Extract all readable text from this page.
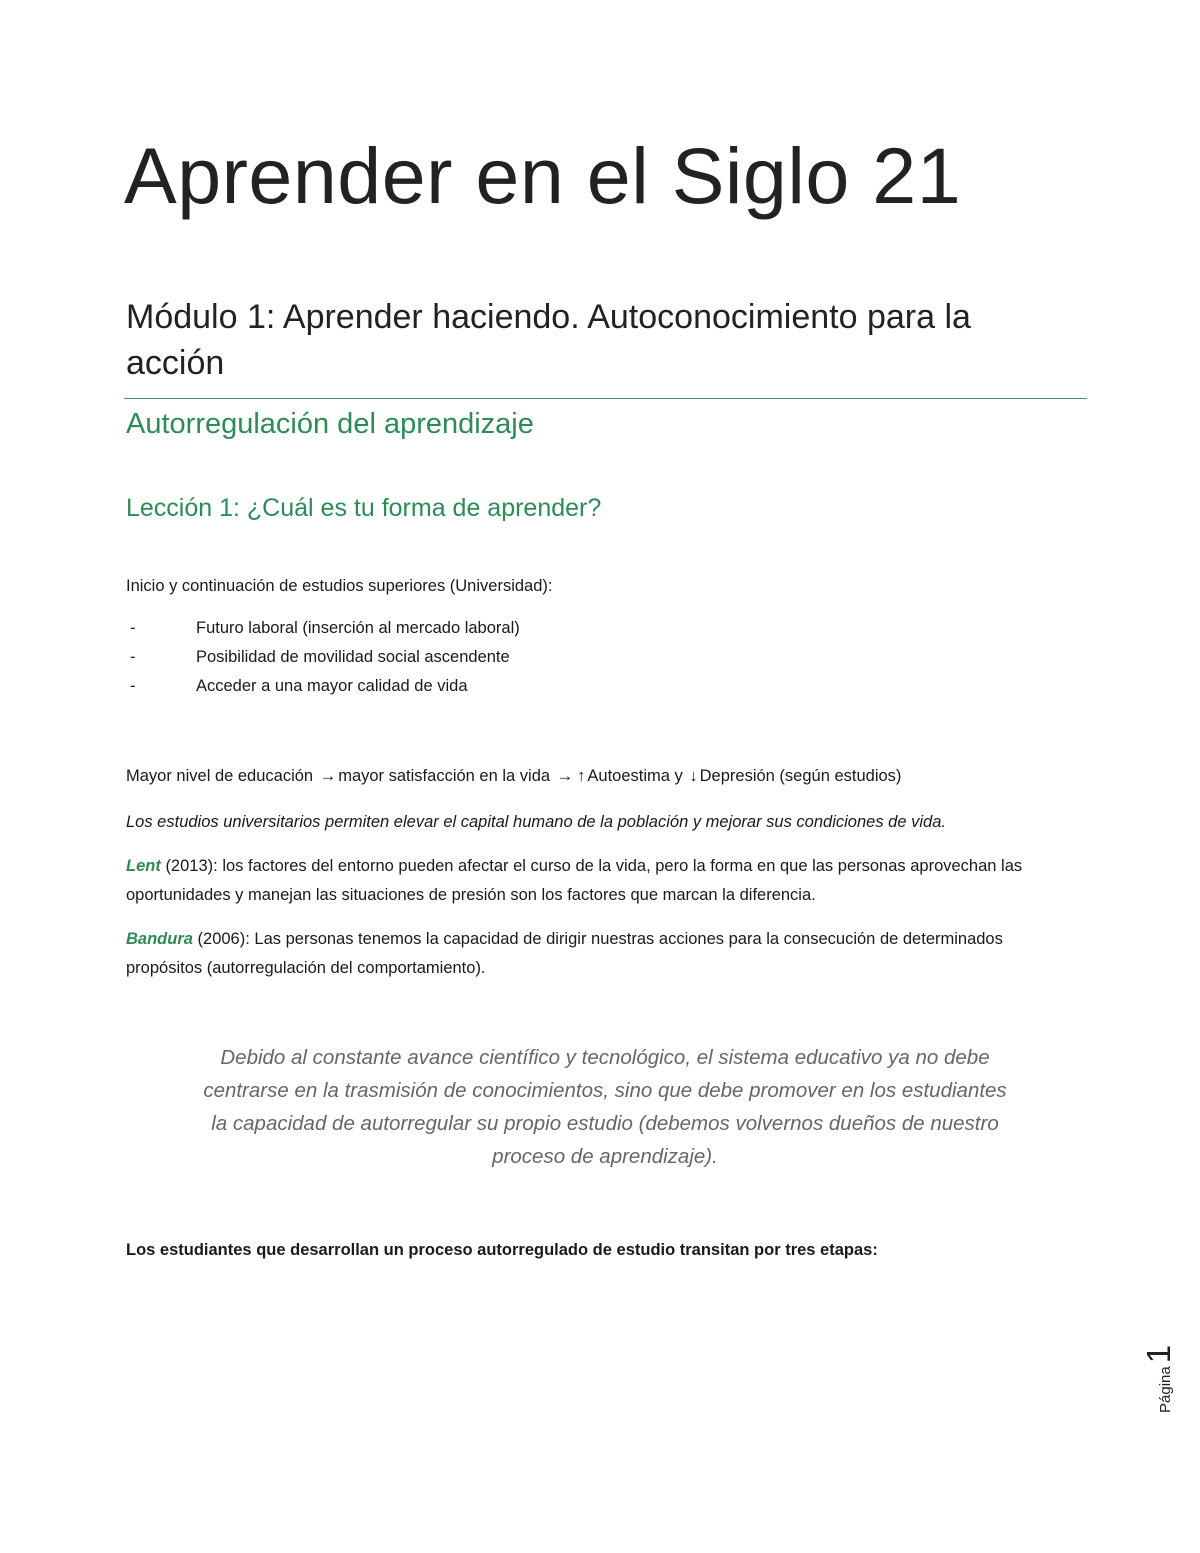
Aprender en el Siglo 21
Módulo 1: Aprender haciendo. Autoconocimiento para la acción
Autorregulación del aprendizaje
Lección 1: ¿Cuál es tu forma de aprender?
Inicio y continuación de estudios superiores (Universidad):
-	Futuro laboral (inserción al mercado laboral)
-	Posibilidad de movilidad social ascendente
-	Acceder a una mayor calidad de vida
Mayor nivel de educación → mayor satisfacción en la vida → ↑ Autoestima y ↓ Depresión (según estudios)
Los estudios universitarios permiten elevar el capital humano de la población y mejorar sus condiciones de vida.
Lent (2013): los factores del entorno pueden afectar el curso de la vida, pero la forma en que las personas aprovechan las oportunidades y manejan las situaciones de presión son los factores que marcan la diferencia.
Bandura (2006): Las personas tenemos la capacidad de dirigir nuestras acciones para la consecución de determinados propósitos (autorregulación del comportamiento).
Debido al constante avance científico y tecnológico, el sistema educativo ya no debe centrarse en la trasmisión de conocimientos, sino que debe promover en los estudiantes la capacidad de autorregular su propio estudio (debemos volvernos dueños de nuestro proceso de aprendizaje).
Los estudiantes que desarrollan un proceso autorregulado de estudio transitan por tres etapas:
Página1
